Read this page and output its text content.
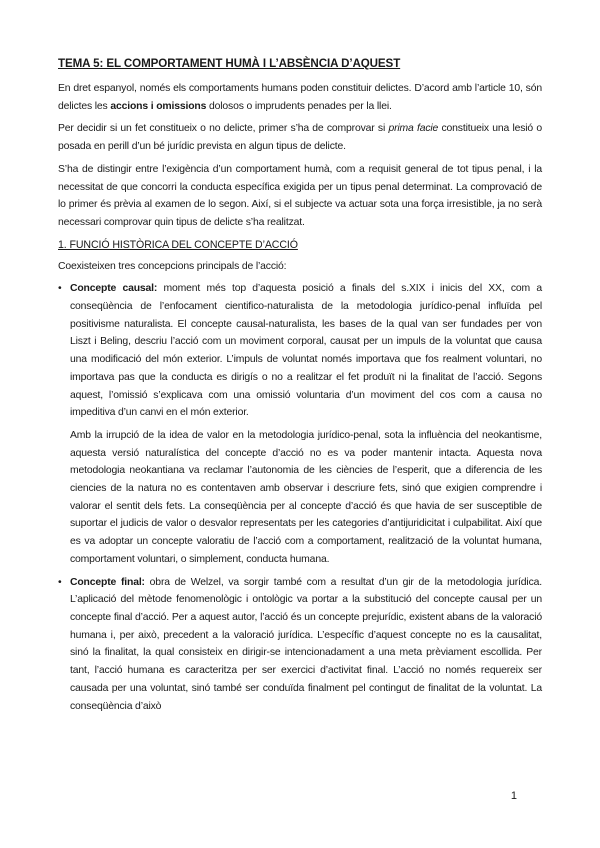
TEMA 5: EL COMPORTAMENT HUMÀ I L’ABSÈNCIA D’AQUEST

En dret espanyol, només els comportaments humans poden constituir delictes. D’acord amb l’article 10, són delictes les accions i omissions dolosos o imprudents penades per la llei.

Per decidir si un fet constitueix o no delicte, primer s’ha de comprovar si prima facie constitueix una lesió o posada en perill d’un bé jurídic prevista en algun tipus de delicte.

S’ha de distingir entre l’exigència d’un comportament humà, com a requisit general de tot tipus penal, i la necessitat de que concorri la conducta específica exigida per un tipus penal determinat. La comprovació de lo primer és prèvia al examen de lo segon. Així, si el subjecte va actuar sota una força irresistible, ja no serà necessari comprovar quin tipus de delicte s’ha realitzat.

1. FUNCIÓ HISTÒRICA DEL CONCEPTE D’ACCIÓ

Coexisteixen tres concepcions principals de l’acció:

• Concepte causal: moment més top d’aquesta posició a finals del s.XIX i inicis del XX, com a conseqüència de l’enfocament cientifico-naturalista de la metodologia jurídico-penal influïda pel positivisme naturalista. El concepte causal-naturalista, les bases de la qual van ser fundades per von Liszt i Beling, descriu l’acció com un moviment corporal, causat per un impuls de la voluntat que causa una modificació del món exterior. L’impuls de voluntat només importava que fos realment voluntari, no importava pas que la conducta es dirigís o no a realitzar el fet produït ni la finalitat de l’acció. Segons aquest, l’omissió s’explicava com una omissió voluntaria d’un moviment del cos com a causa no impeditiva d’un canvi en el món exterior.

Amb la irrupció de la idea de valor en la metodologia jurídico-penal, sota la influència del neokantisme, aquesta versió naturalística del concepte d’acció no es va poder mantenir intacta. Aquesta nova metodologia neokantiana va reclamar l’autonomia de les ciències de l’esperit, que a diferencia de les ciencies de la natura no es contentaven amb observar i descriure fets, sinó que exigien comprendre i valorar el sentit dels fets. La conseqüència per al concepte d’acció és que havia de ser susceptible de suportar el judicis de valor o desvalor representats per les categories d’antijuridicitat i culpabilitat. Així que es va adoptar un concepte valoratiu de l’acció com a comportament, realització de la voluntat humana, comportament voluntari, o simplement, conducta humana.

• Concepte final: obra de Welzel, va sorgir també com a resultat d’un gir de la metodologia jurídica. L’aplicació del mètode fenomenològic i ontològic va portar a la substitució del concepte causal per un concepte final d’acció. Per a aquest autor, l’acció és un concepte prejurídic, existent abans de la valoració humana i, per això, precedent a la valoració jurídica. L’específic d’aquest concepte no es la causalitat, sinó la finalitat, la qual consisteix en dirigir-se intencionadament a una meta prèviament escollida. Per tant, l’acció humana es caracteritza per ser exercici d’activitat final. L’acció no només requereix ser causada per una voluntat, sinó també ser conduïda finalment pel contingut de finalitat de la voluntat. La conseqüència d’això

1
